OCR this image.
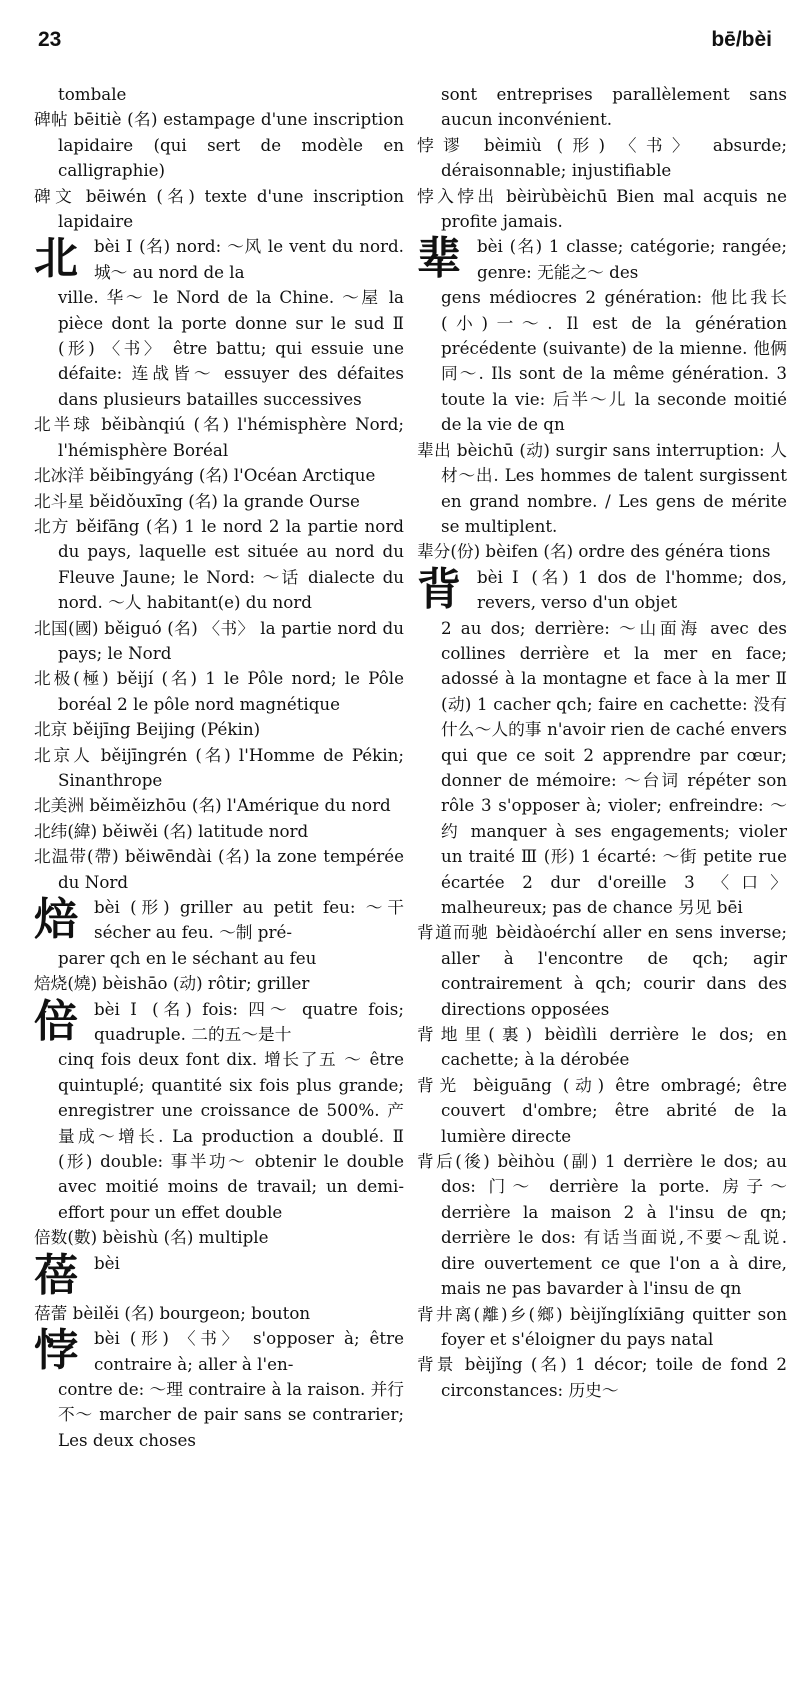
23	bē/bèi

tombale

碑帖 bēitiè (名) estampage d'une inscription lapidaire (qui sert de modèle en calligraphie)

碑文 bēiwén (名) texte d'une inscription lapidaire

北 bèi Ⅰ (名) nord: ～风 le vent du nord. 城～ au nord de la
ville. 华～ le Nord de la Chine. ～屋 la pièce dont la porte donne sur le sud Ⅱ (形) 〈书〉 être battu; qui essuie une défaite: 连战皆～ essuyer des défaites dans plusieurs batailles successives

北半球 běibànqiú (名) l'hémisphère Nord; l'hémisphère Boréal

北冰洋 běibīngyáng (名) l'Océan Arctique

北斗星 běidǒuxīng (名) la grande Ourse

北方 běifāng (名) 1 le nord 2 la partie nord du pays, laquelle est située au nord du Fleuve Jaune; le Nord: ～话 dialecte du nord. ～人 habitant(e) du nord

北国(國) běiguó (名) 〈书〉 la partie nord du pays; le Nord

北极(極) běijí (名) 1 le Pôle nord; le Pôle boréal 2 le pôle nord magnétique

北京 běijīng Beijing (Pékin)

北京人 běijīngrén (名) l'Homme de Pékin; Sinanthrope

北美洲 běiměizhōu (名) l'Amérique du nord

北纬(緯) běiwěi (名) latitude nord

北温带(帶) běiwēndài (名) la zone tempérée du Nord

焙 bèi (形) griller au petit feu: ～干 sécher au feu. ～制 pré-
parer qch en le séchant au feu

焙烧(燒) bèishāo (动) rôtir; griller

倍 bèi Ⅰ (名) fois: 四～ quatre fois; quadruple. 二的五～是十
cinq fois deux font dix. 增长了五 ～ être quintuplé; quantité six fois plus grande; enregistrer une croissance de 500%. 产量成～增长. La production a doublé. Ⅱ (形) double: 事半功～ obtenir le double avec moitié moins de travail; un demi-effort pour un effet double

倍数(數) bèishù (名) multiple

蓓 bèi

蓓蕾 bèilěi (名) bourgeon; bouton

悖 bèi (形) 〈书〉 s'opposer à; être contraire à; aller à l'en-
contre de: ～理 contraire à la raison. 并行不～ marcher de pair sans se contrarier; Les deux choses

sont entreprises parallèlement sans aucun inconvénient.

悖谬 bèimiù (形) 〈书〉 absurde; déraisonnable; injustifiable

悖入悖出 bèirùbèichū Bien mal acquis ne profite jamais.

辈 bèi (名) 1 classe; catégorie; rangée; genre: 无能之～ des
gens médiocres 2 génération: 他比我长(小)一～. Il est de la génération précédente (suivante) de la mienne. 他俩同～. Ils sont de la même génération. 3 toute la vie: 后半～儿 la seconde moitié de la vie de qn

辈出 bèichū (动) surgir sans interruption: 人材～出. Les hommes de talent surgissent en grand nombre. / Les gens de mérite se multiplent.

辈分(份) bèifen (名) ordre des généra tions

背 bèi Ⅰ (名) 1 dos de l'homme; dos, revers, verso d'un objet
2 au dos; derrière: ～山面海 avec des collines derrière et la mer en face; adossé à la montagne et face à la mer Ⅱ (动) 1 cacher qch; faire en cachette: 没有什么～人的事 n'avoir rien de caché envers qui que ce soit 2 apprendre par cœur; donner de mémoire: ～台词 répéter son rôle 3 s'opposer à; violer; enfreindre: ～约 manquer à ses engagements; violer un traité Ⅲ (形) 1 écarté: ～街 petite rue écartée 2 dur d'oreille 3 〈口〉 malheureux; pas de chance 另见 bēi

背道而驰 bèidàoérchí aller en sens inverse; aller à l'encontre de qch; agir contrairement à qch; courir dans des directions opposées

背地里(裏) bèidìli derrière le dos; en cachette; à la dérobée

背光 bèiguāng (动) être ombragé; être couvert d'ombre; être abrité de la lumière directe

背后(後) bèihòu (副) 1 derrière le dos; au dos: 门～ derrière la porte. 房子～ derrière la maison 2 à l'insu de qn; derrière le dos: 有话当面说,不要～乱说. dire ouvertement ce que l'on a à dire, mais ne pas bavarder à l'insu de qn

背井离(離)乡(鄉) bèijǐnglíxiāng quitter son foyer et s'éloigner du pays natal

背景 bèijǐng (名) 1 décor; toile de fond 2 circonstances: 历史～
